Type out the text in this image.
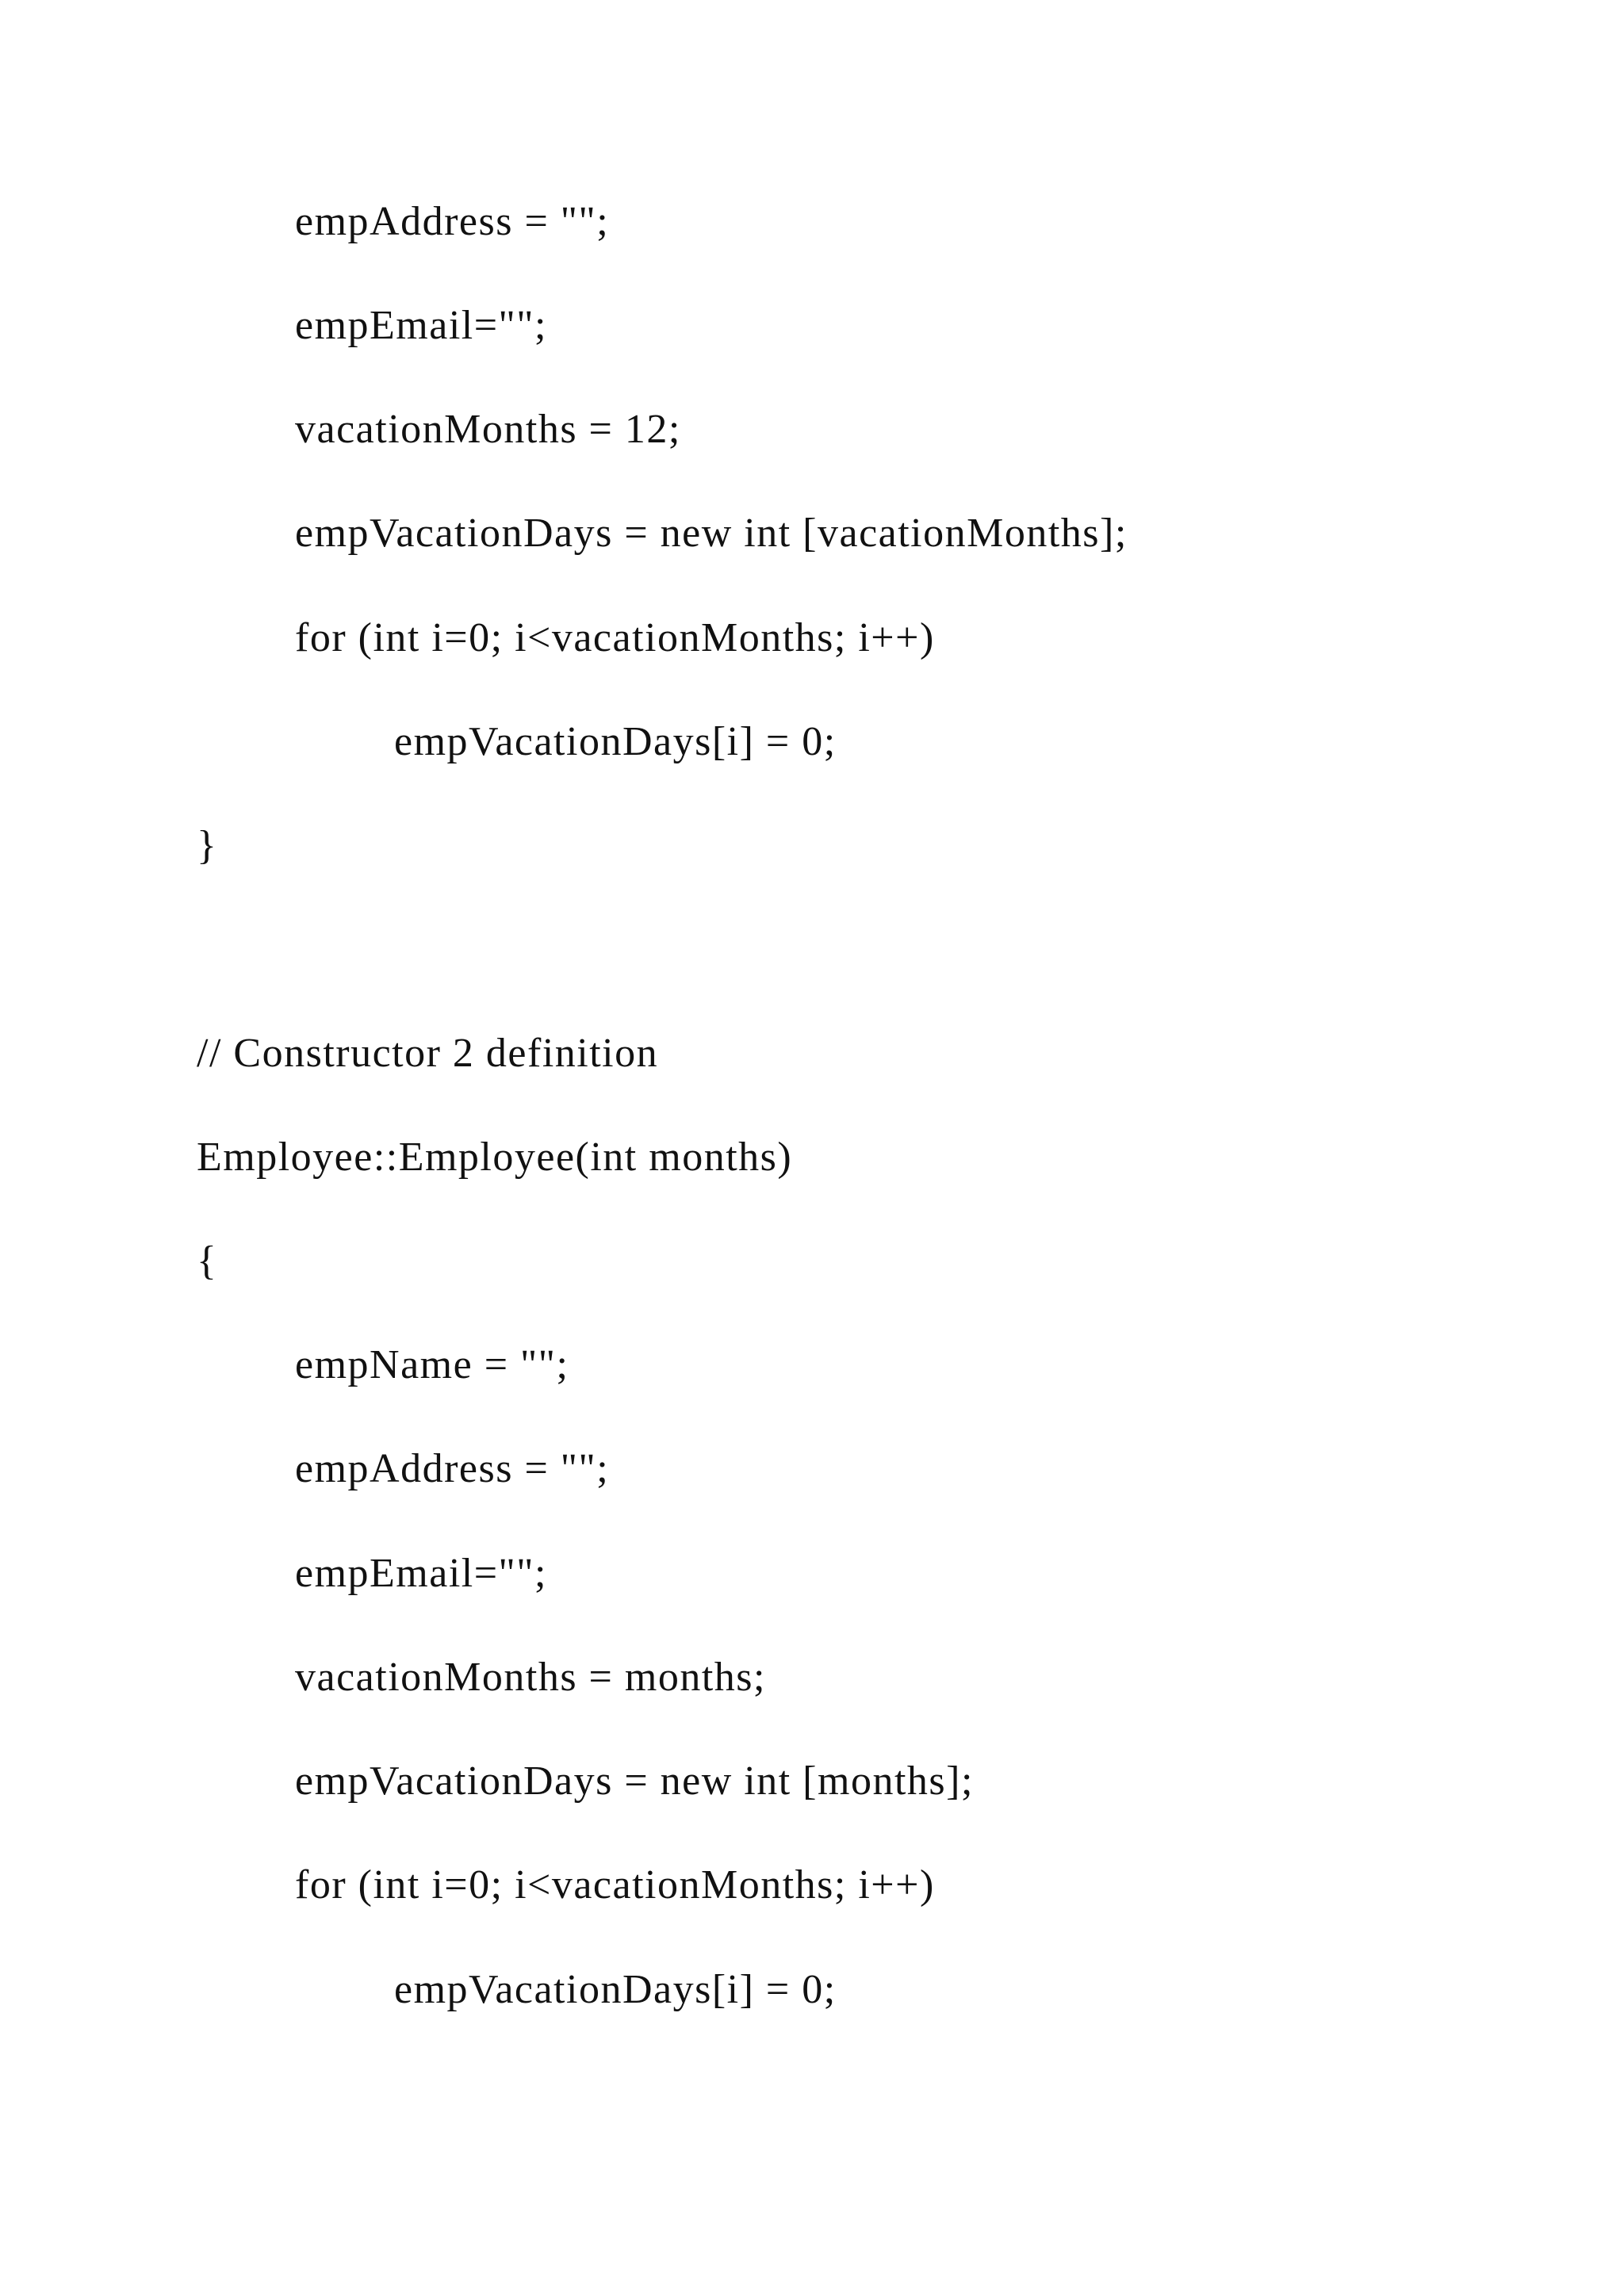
empAddress = "";
empEmail="";
vacationMonths = 12;
empVacationDays = new int [vacationMonths];
for (int i=0; i<vacationMonths; i++)
empVacationDays[i] = 0;
}
// Constructor 2 definition
Employee::Employee(int months)
{
empName = "";
empAddress = "";
empEmail="";
vacationMonths = months;
empVacationDays = new int [months];
for (int i=0; i<vacationMonths; i++)
empVacationDays[i] = 0;
